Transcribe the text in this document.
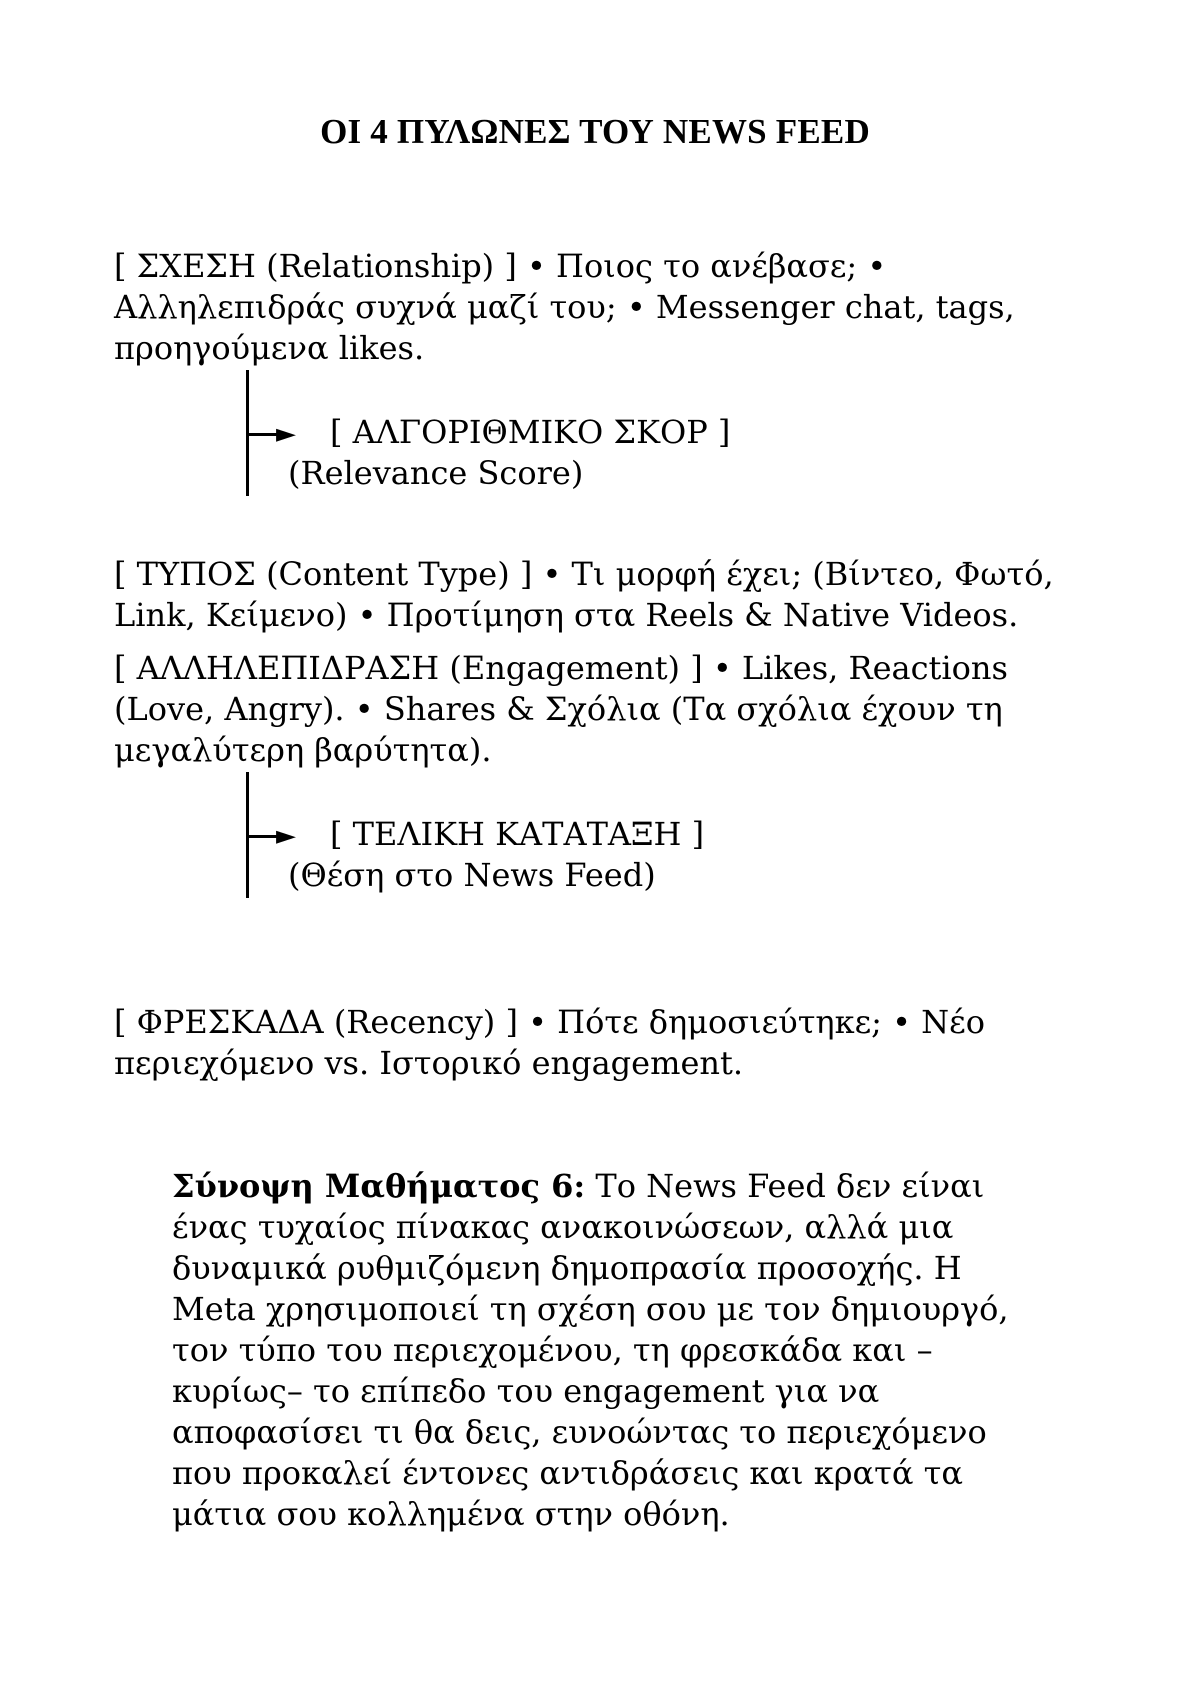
ΟΙ 4 ΠΥΛΩΝΕΣ ΤΟΥ NEWS FEED

[ ΣΧΕΣΗ (Relationship) ] • Ποιος το ανέβασε; • Αλληλεπιδράς συχνά μαζί του; • Messenger chat, tags, προηγούμενα likes.

► [ ΑΛΓΟΡΙΘΜΙΚΟ ΣΚΟΡ ]
(Relevance Score)

[ ΤΥΠΟΣ (Content Type) ] • Τι μορφή έχει; (Βίντεο, Φωτό, Link, Κείμενο) • Προτίμηση στα Reels & Native Videos.

[ ΑΛΛΗΛΕΠΙΔΡΑΣΗ (Engagement) ] • Likes, Reactions (Love, Angry). • Shares & Σχόλια (Τα σχόλια έχουν τη μεγαλύτερη βαρύτητα).

► [ ΤΕΛΙΚΗ ΚΑΤΑΤΑΞΗ ]
(Θέση στο News Feed)

[ ΦΡΕΣΚΑΔΑ (Recency) ] • Πότε δημοσιεύτηκε; • Νέο περιεχόμενο vs. Ιστορικό engagement.

Σύνοψη Μαθήματος 6: Το News Feed δεν είναι ένας τυχαίος πίνακας ανακοινώσεων, αλλά μια δυναμικά ρυθμιζόμενη δημοπρασία προσοχής. Η Meta χρησιμοποιεί τη σχέση σου με τον δημιουργό, τον τύπο του περιεχομένου, τη φρεσκάδα και –κυρίως– το επίπεδο του engagement για να αποφασίσει τι θα δεις, ευνοώντας το περιεχόμενο που προκαλεί έντονες αντιδράσεις και κρατά τα μάτια σου κολλημένα στην οθόνη.
